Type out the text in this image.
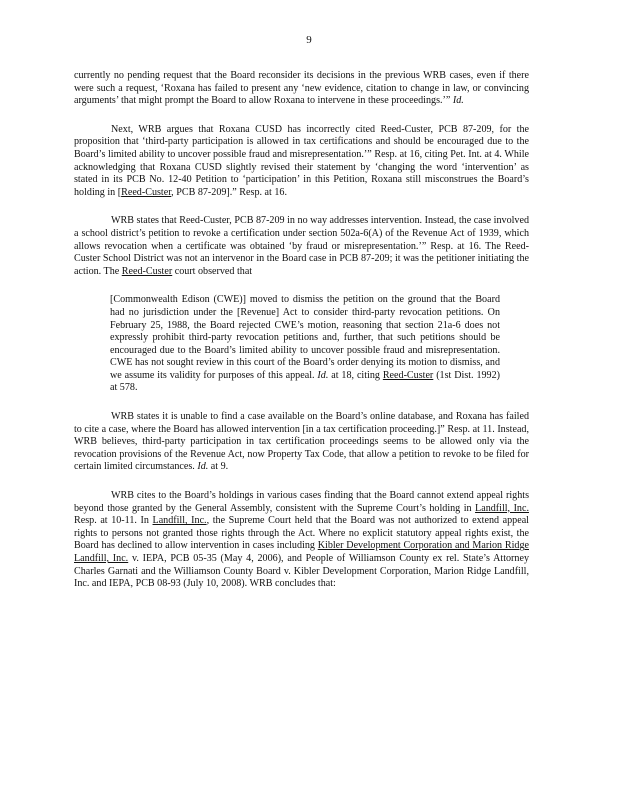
9

currently no pending request that the Board reconsider its decisions in the previous WRB cases, even if there were such a request, ‘Roxana has failed to present any ‘new evidence, citation to change in law, or convincing arguments’ that might prompt the Board to allow Roxana to intervene in these proceedings.’” Id.

Next, WRB argues that Roxana CUSD has incorrectly cited Reed-Custer, PCB 87-209, for the proposition that ‘third-party participation is allowed in tax certifications and should be encouraged due to the Board’s limited ability to uncover possible fraud and misrepresentation.’” Resp. at 16, citing Pet. Int. at 4. While acknowledging that Roxana CUSD slightly revised their statement by ‘changing the word ‘intervention’ as stated in its PCB No. 12-40 Petition to ‘participation’ in this Petition, Roxana still misconstrues the Board’s holding in [Reed-Custer, PCB 87-209].” Resp. at 16.

WRB states that Reed-Custer, PCB 87-209 in no way addresses intervention. Instead, the case involved a school district’s petition to revoke a certification under section 502a-6(A) of the Revenue Act of 1939, which allows revocation when a certificate was obtained ‘by fraud or misrepresentation.’” Resp. at 16. The Reed-Custer School District was not an intervenor in the Board case in PCB 87-209; it was the petitioner initiating the action. The Reed-Custer court observed that

[Commonwealth Edison (CWE)] moved to dismiss the petition on the ground that the Board had no jurisdiction under the [Revenue] Act to consider third-party revocation petitions. On February 25, 1988, the Board rejected CWE’s motion, reasoning that section 21a-6 does not expressly prohibit third-party revocation petitions and, further, that such petitions should be encouraged due to the Board’s limited ability to uncover possible fraud and misrepresentation. CWE has not sought review in this court of the Board’s order denying its motion to dismiss, and we assume its validity for purposes of this appeal. Id. at 18, citing Reed-Custer (1st Dist. 1992) at 578.

WRB states it is unable to find a case available on the Board’s online database, and Roxana has failed to cite a case, where the Board has allowed intervention [in a tax certification proceeding.]” Resp. at 11. Instead, WRB believes, third-party participation in tax certification proceedings seems to be allowed only via the revocation provisions of the Revenue Act, now Property Tax Code, that allow a petition to revoke to be filed for certain limited circumstances. Id. at 9.

WRB cites to the Board’s holdings in various cases finding that the Board cannot extend appeal rights beyond those granted by the General Assembly, consistent with the Supreme Court’s holding in Landfill, Inc. Resp. at 10-11. In Landfill, Inc., the Supreme Court held that the Board was not authorized to extend appeal rights to persons not granted those rights through the Act. Where no explicit statutory appeal rights exist, the Board has declined to allow intervention in cases including Kibler Development Corporation and Marion Ridge Landfill, Inc. v. IEPA, PCB 05-35 (May 4, 2006), and People of Williamson County ex rel. State’s Attorney Charles Garnati and the Williamson County Board v. Kibler Development Corporation, Marion Ridge Landfill, Inc. and IEPA, PCB 08-93 (July 10, 2008). WRB concludes that:
